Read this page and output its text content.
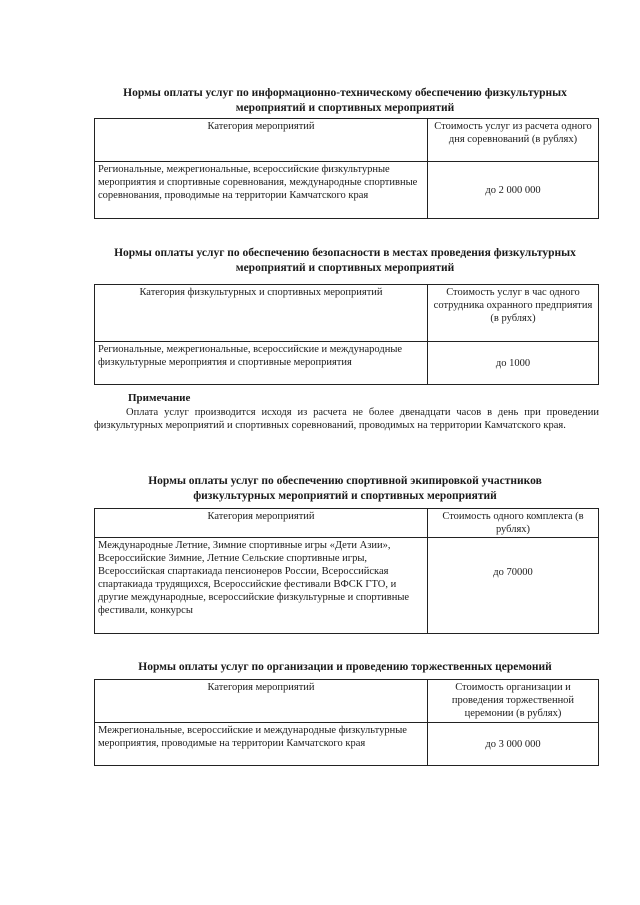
Нормы оплаты услуг по информационно-техническому обеспечению физкультурных мероприятий и спортивных мероприятий
Категория мероприятий	Стоимость услуг из расчета одного дня соревнований (в рублях)
Региональные, межрегиональные, всероссийские физкультурные мероприятия и спортивные соревнования, международные спортивные соревнования, проводимые на территории Камчатского края	до 2 000 000
Нормы оплаты услуг по обеспечению безопасности в местах проведения физкультурных мероприятий и спортивных мероприятий
Категория физкультурных и спортивных мероприятий	Стоимость услуг в час одного сотрудника охранного предприятия (в рублях)
Региональные, межрегиональные, всероссийские и международные физкультурные мероприятия и спортивные мероприятия	до 1000
Примечание
Оплата услуг производится исходя из расчета не более двенадцати часов в день при проведении физкультурных мероприятий и спортивных соревнований, проводимых на территории Камчатского края.
Нормы оплаты услуг по обеспечению спортивной экипировкой участников физкультурных мероприятий и спортивных мероприятий
Категория мероприятий	Стоимость одного комплекта (в рублях)
Международные Летние, Зимние спортивные игры «Дети Азии», Всероссийские Зимние, Летние Сельские спортивные игры, Всероссийская спартакиада пенсионеров России, Всероссийская спартакиада трудящихся, Всероссийские фестивали ВФСК ГТО, и другие международные, всероссийские физкультурные и спортивные фестивали, конкурсы	до 70000
Нормы оплаты услуг по организации и проведению торжественных церемоний
Категория мероприятий	Стоимость организации и проведения торжественной церемонии (в рублях)
Межрегиональные, всероссийские и международные физкультурные мероприятия, проводимые на территории Камчатского края	до 3 000 000
